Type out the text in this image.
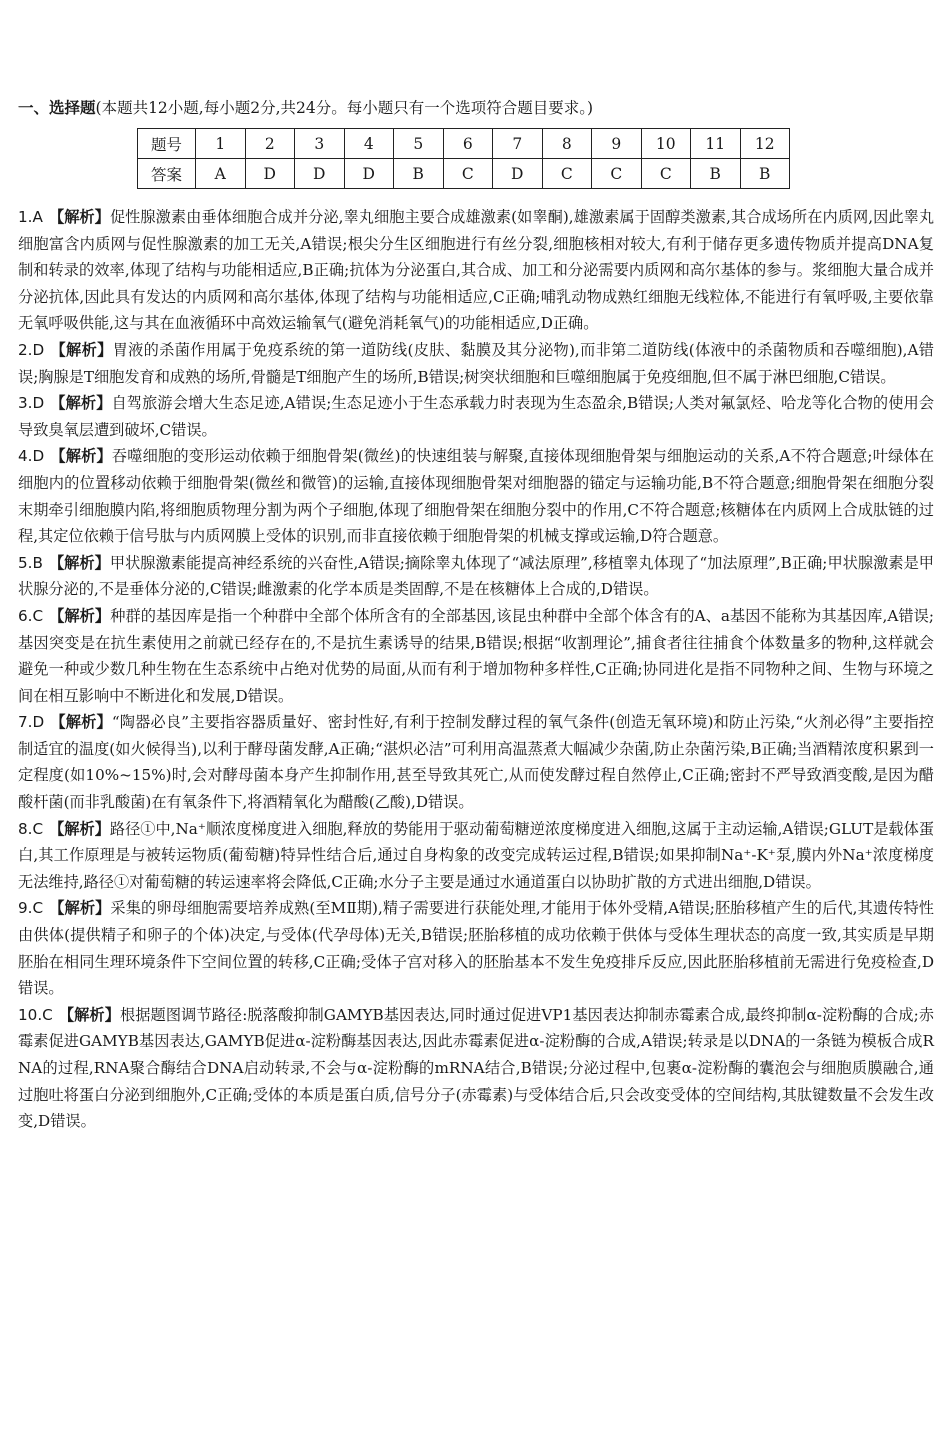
一、选择题(本题共12小题,每小题2分,共24分。每小题只有一个选项符合题目要求。)
题号	1	2	3	4	5	6	7	8	9	10	11	12
答案	A	D	D	D	B	C	D	C	C	C	B	B

1.A 【解析】促性腺激素由垂体细胞合成并分泌,睾丸细胞主要合成雄激素(如睾酮),雄激素属于固醇类激素,其合成场所在内质网,因此睾丸细胞富含内质网与促性腺激素的加工无关,A错误;根尖分生区细胞进行有丝分裂,细胞核相对较大,有利于储存更多遗传物质并提高DNA复制和转录的效率,体现了结构与功能相适应,B正确;抗体为分泌蛋白,其合成、加工和分泌需要内质网和高尔基体的参与。浆细胞大量合成并分泌抗体,因此具有发达的内质网和高尔基体,体现了结构与功能相适应,C正确;哺乳动物成熟红细胞无线粒体,不能进行有氧呼吸,主要依靠无氧呼吸供能,这与其在血液循环中高效运输氧气(避免消耗氧气)的功能相适应,D正确。

2.D 【解析】胃液的杀菌作用属于免疫系统的第一道防线(皮肤、黏膜及其分泌物),而非第二道防线(体液中的杀菌物质和吞噬细胞),A错误;胸腺是T细胞发育和成熟的场所,骨髓是T细胞产生的场所,B错误;树突状细胞和巨噬细胞属于免疫细胞,但不属于淋巴细胞,C错误。

3.D 【解析】自驾旅游会增大生态足迹,A错误;生态足迹小于生态承载力时表现为生态盈余,B错误;人类对氟氯烃、哈龙等化合物的使用会导致臭氧层遭到破坏,C错误。

4.D 【解析】吞噬细胞的变形运动依赖于细胞骨架(微丝)的快速组装与解聚,直接体现细胞骨架与细胞运动的关系,A不符合题意;叶绿体在细胞内的位置移动依赖于细胞骨架(微丝和微管)的运输,直接体现细胞骨架对细胞器的锚定与运输功能,B不符合题意;细胞骨架在细胞分裂末期牵引细胞膜内陷,将细胞质物理分割为两个子细胞,体现了细胞骨架在细胞分裂中的作用,C不符合题意;核糖体在内质网上合成肽链的过程,其定位依赖于信号肽与内质网膜上受体的识别,而非直接依赖于细胞骨架的机械支撑或运输,D符合题意。

5.B 【解析】甲状腺激素能提高神经系统的兴奋性,A错误;摘除睾丸体现了“减法原理”,移植睾丸体现了“加法原理”,B正确;甲状腺激素是甲状腺分泌的,不是垂体分泌的,C错误;雌激素的化学本质是类固醇,不是在核糖体上合成的,D错误。

6.C 【解析】种群的基因库是指一个种群中全部个体所含有的全部基因,该昆虫种群中全部个体含有的A、a基因不能称为其基因库,A错误;基因突变是在抗生素使用之前就已经存在的,不是抗生素诱导的结果,B错误;根据“收割理论”,捕食者往往捕食个体数量多的物种,这样就会避免一种或少数几种生物在生态系统中占绝对优势的局面,从而有利于增加物种多样性,C正确;协同进化是指不同物种之间、生物与环境之间在相互影响中不断进化和发展,D错误。

7.D 【解析】“陶器必良”主要指容器质量好、密封性好,有利于控制发酵过程的氧气条件(创造无氧环境)和防止污染,“火剂必得”主要指控制适宜的温度(如火候得当),以利于酵母菌发酵,A正确;“湛炽必洁”可利用高温蒸煮大幅减少杂菌,防止杂菌污染,B正确;当酒精浓度积累到一定程度(如10%~15%)时,会对酵母菌本身产生抑制作用,甚至导致其死亡,从而使发酵过程自然停止,C正确;密封不严导致酒变酸,是因为醋酸杆菌(而非乳酸菌)在有氧条件下,将酒精氧化为醋酸(乙酸),D错误。

8.C 【解析】路径①中,Na⁺顺浓度梯度进入细胞,释放的势能用于驱动葡萄糖逆浓度梯度进入细胞,这属于主动运输,A错误;GLUT是载体蛋白,其工作原理是与被转运物质(葡萄糖)特异性结合后,通过自身构象的改变完成转运过程,B错误;如果抑制Na⁺-K⁺泵,膜内外Na⁺浓度梯度无法维持,路径①对葡萄糖的转运速率将会降低,C正确;水分子主要是通过水通道蛋白以协助扩散的方式进出细胞,D错误。

9.C 【解析】采集的卵母细胞需要培养成熟(至MⅡ期),精子需要进行获能处理,才能用于体外受精,A错误;胚胎移植产生的后代,其遗传特性由供体(提供精子和卵子的个体)决定,与受体(代孕母体)无关,B错误;胚胎移植的成功依赖于供体与受体生理状态的高度一致,其实质是早期胚胎在相同生理环境条件下空间位置的转移,C正确;受体子宫对移入的胚胎基本不发生免疫排斥反应,因此胚胎移植前无需进行免疫检查,D错误。

10.C 【解析】根据题图调节路径:脱落酸抑制GAMYB基因表达,同时通过促进VP1基因表达抑制赤霉素合成,最终抑制α-淀粉酶的合成;赤霉素促进GAMYB基因表达,GAMYB促进α-淀粉酶基因表达,因此赤霉素促进α-淀粉酶的合成,A错误;转录是以DNA的一条链为模板合成RNA的过程,RNA聚合酶结合DNA启动转录,不会与α-淀粉酶的mRNA结合,B错误;分泌过程中,包裹α-淀粉酶的囊泡会与细胞质膜融合,通过胞吐将蛋白分泌到细胞外,C正确;受体的本质是蛋白质,信号分子(赤霉素)与受体结合后,只会改变受体的空间结构,其肽键数量不会发生改变,D错误。
